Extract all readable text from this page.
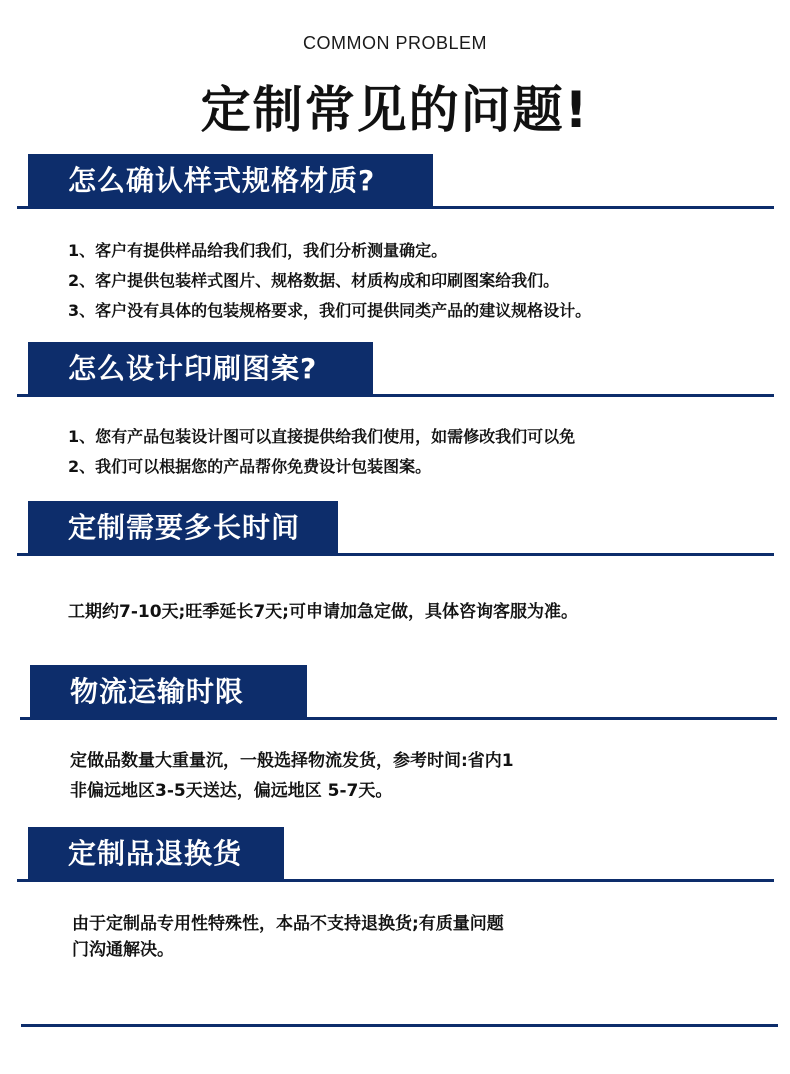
COMMON PROBLEM
定制常见的问题!
怎么确认样式规格材质?

1、客户有提供样品给我们我们，我们分析测量确定。

2、客户提供包装样式图片、规格数据、材质构成和印刷图案给我们。

3、客户没有具体的包装规格要求，我们可提供同类产品的建议规格设计。

怎么设计印刷图案?

1、您有产品包装设计图可以直接提供给我们使用，如需修改我们可以免

2、我们可以根据您的产品帮你免费设计包装图案。

定制需要多长时间

工期约7-10天;旺季延长7天;可申请加急定做，具体咨询客服为准。

物流运输时限

定做品数量大重量沉，一般选择物流发货，参考时间:省内1

非偏远地区3-5天送达，偏远地区 5-7天。

定制品退换货

由于定制品专用性特殊性，本品不支持退换货;有质量问题

门沟通解决。
